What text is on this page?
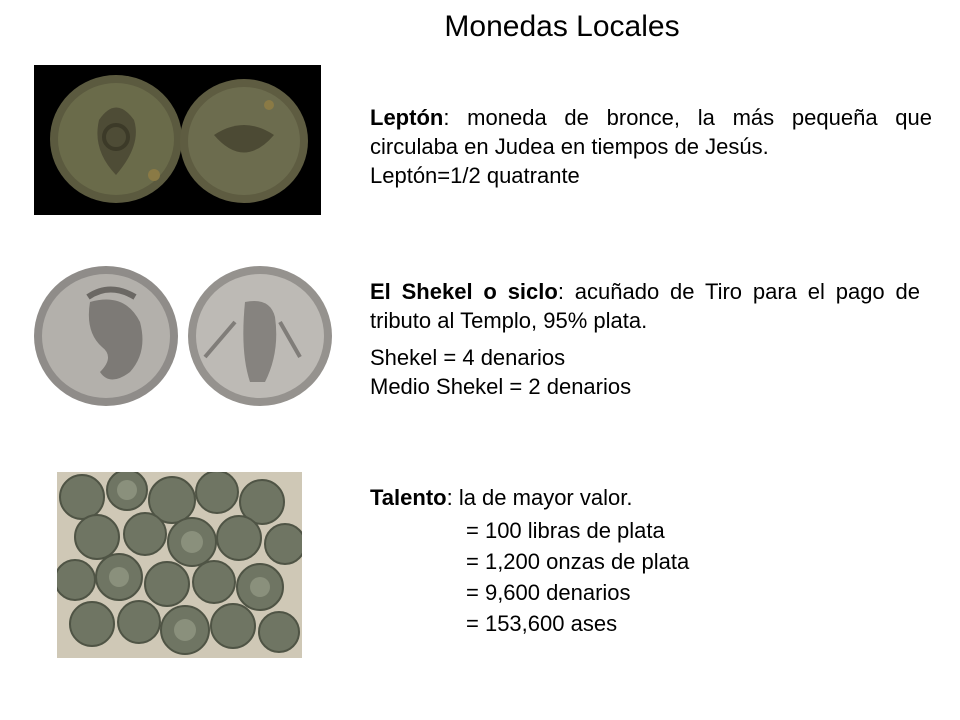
Monedas Locales
Leptón: moneda de bronce, la más pequeña que circulaba en Judea en tiempos de Jesús.
Leptón=1/2 quatrante
El Shekel o siclo: acuñado de Tiro para el pago de tributo al Templo, 95% plata.
Shekel = 4 denarios
Medio Shekel = 2 denarios
Talento: la de mayor valor.
= 100 libras de plata
= 1,200 onzas de plata
= 9,600 denarios
= 153,600 ases
